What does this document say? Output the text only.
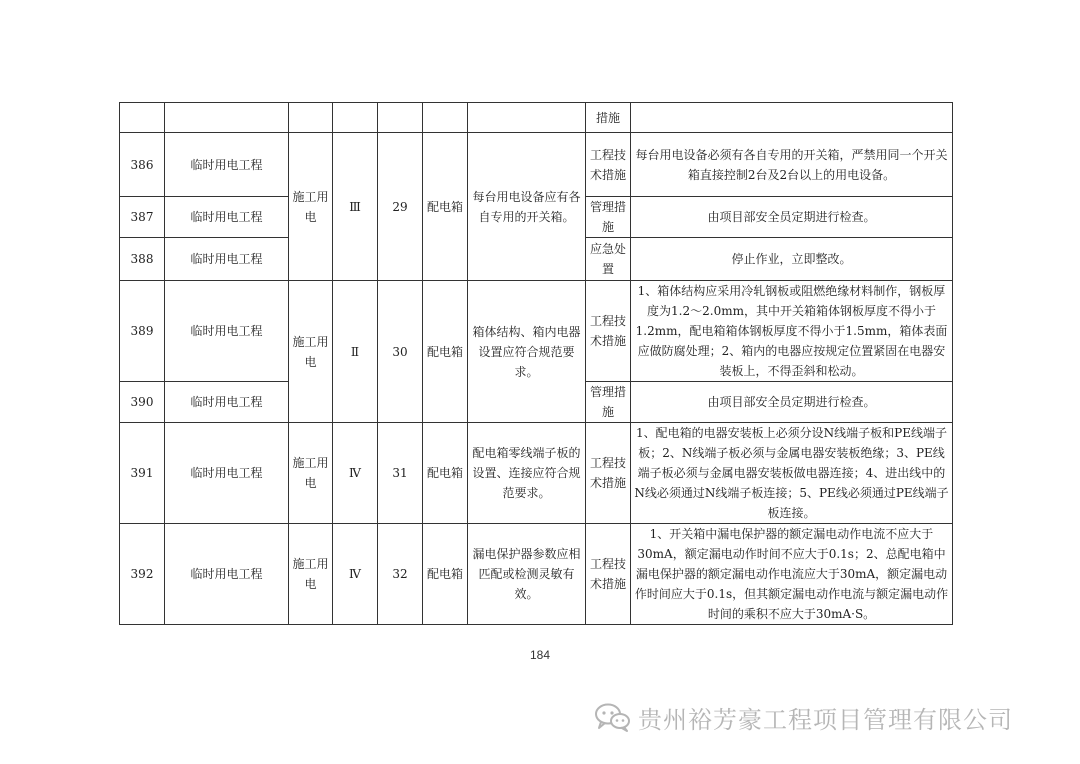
							措施	
386	临时用电工程	施工用电	Ⅲ	29	配电箱	每台用电设备应有各自专用的开关箱。	工程技术措施	每台用电设备必须有各自专用的开关箱，严禁用同一个开关箱直接控制2台及2台以上的用电设备。
387	临时用电工程						管理措施	由项目部安全员定期进行检查。
388	临时用电工程						应急处置	停止作业，立即整改。
389	临时用电工程	施工用电	Ⅱ	30	配电箱	箱体结构、箱内电器设置应符合规范要求。	工程技术措施	1、箱体结构应采用冷轧钢板或阻燃绝缘材料制作，钢板厚度为1.2～2.0mm，其中开关箱箱体钢板厚度不得小于1.2mm，配电箱箱体钢板厚度不得小于1.5mm，箱体表面应做防腐处理；2、箱内的电器应按规定位置紧固在电器安装板上，不得歪斜和松动。
390	临时用电工程						管理措施	由项目部安全员定期进行检查。
391	临时用电工程	施工用电	Ⅳ	31	配电箱	配电箱零线端子板的设置、连接应符合规范要求。	工程技术措施	1、配电箱的电器安装板上必须分设N线端子板和PE线端子板；2、N线端子板必须与金属电器安装板绝缘；3、PE线端子板必须与金属电器安装板做电器连接；4、进出线中的N线必须通过N线端子板连接；5、PE线必须通过PE线端子板连接。
392	临时用电工程	施工用电	Ⅳ	32	配电箱	漏电保护器参数应相匹配或检测灵敏有效。	工程技术措施	1、开关箱中漏电保护器的额定漏电动作电流不应大于30mA，额定漏电动作时间不应大于0.1s；2、总配电箱中漏电保护器的额定漏电动作电流应大于30mA，额定漏电动作时间应大于0.1s，但其额定漏电动作电流与额定漏电动作时间的乘积不应大于30mA·S。
184
贵州裕芳豪工程项目管理有限公司
